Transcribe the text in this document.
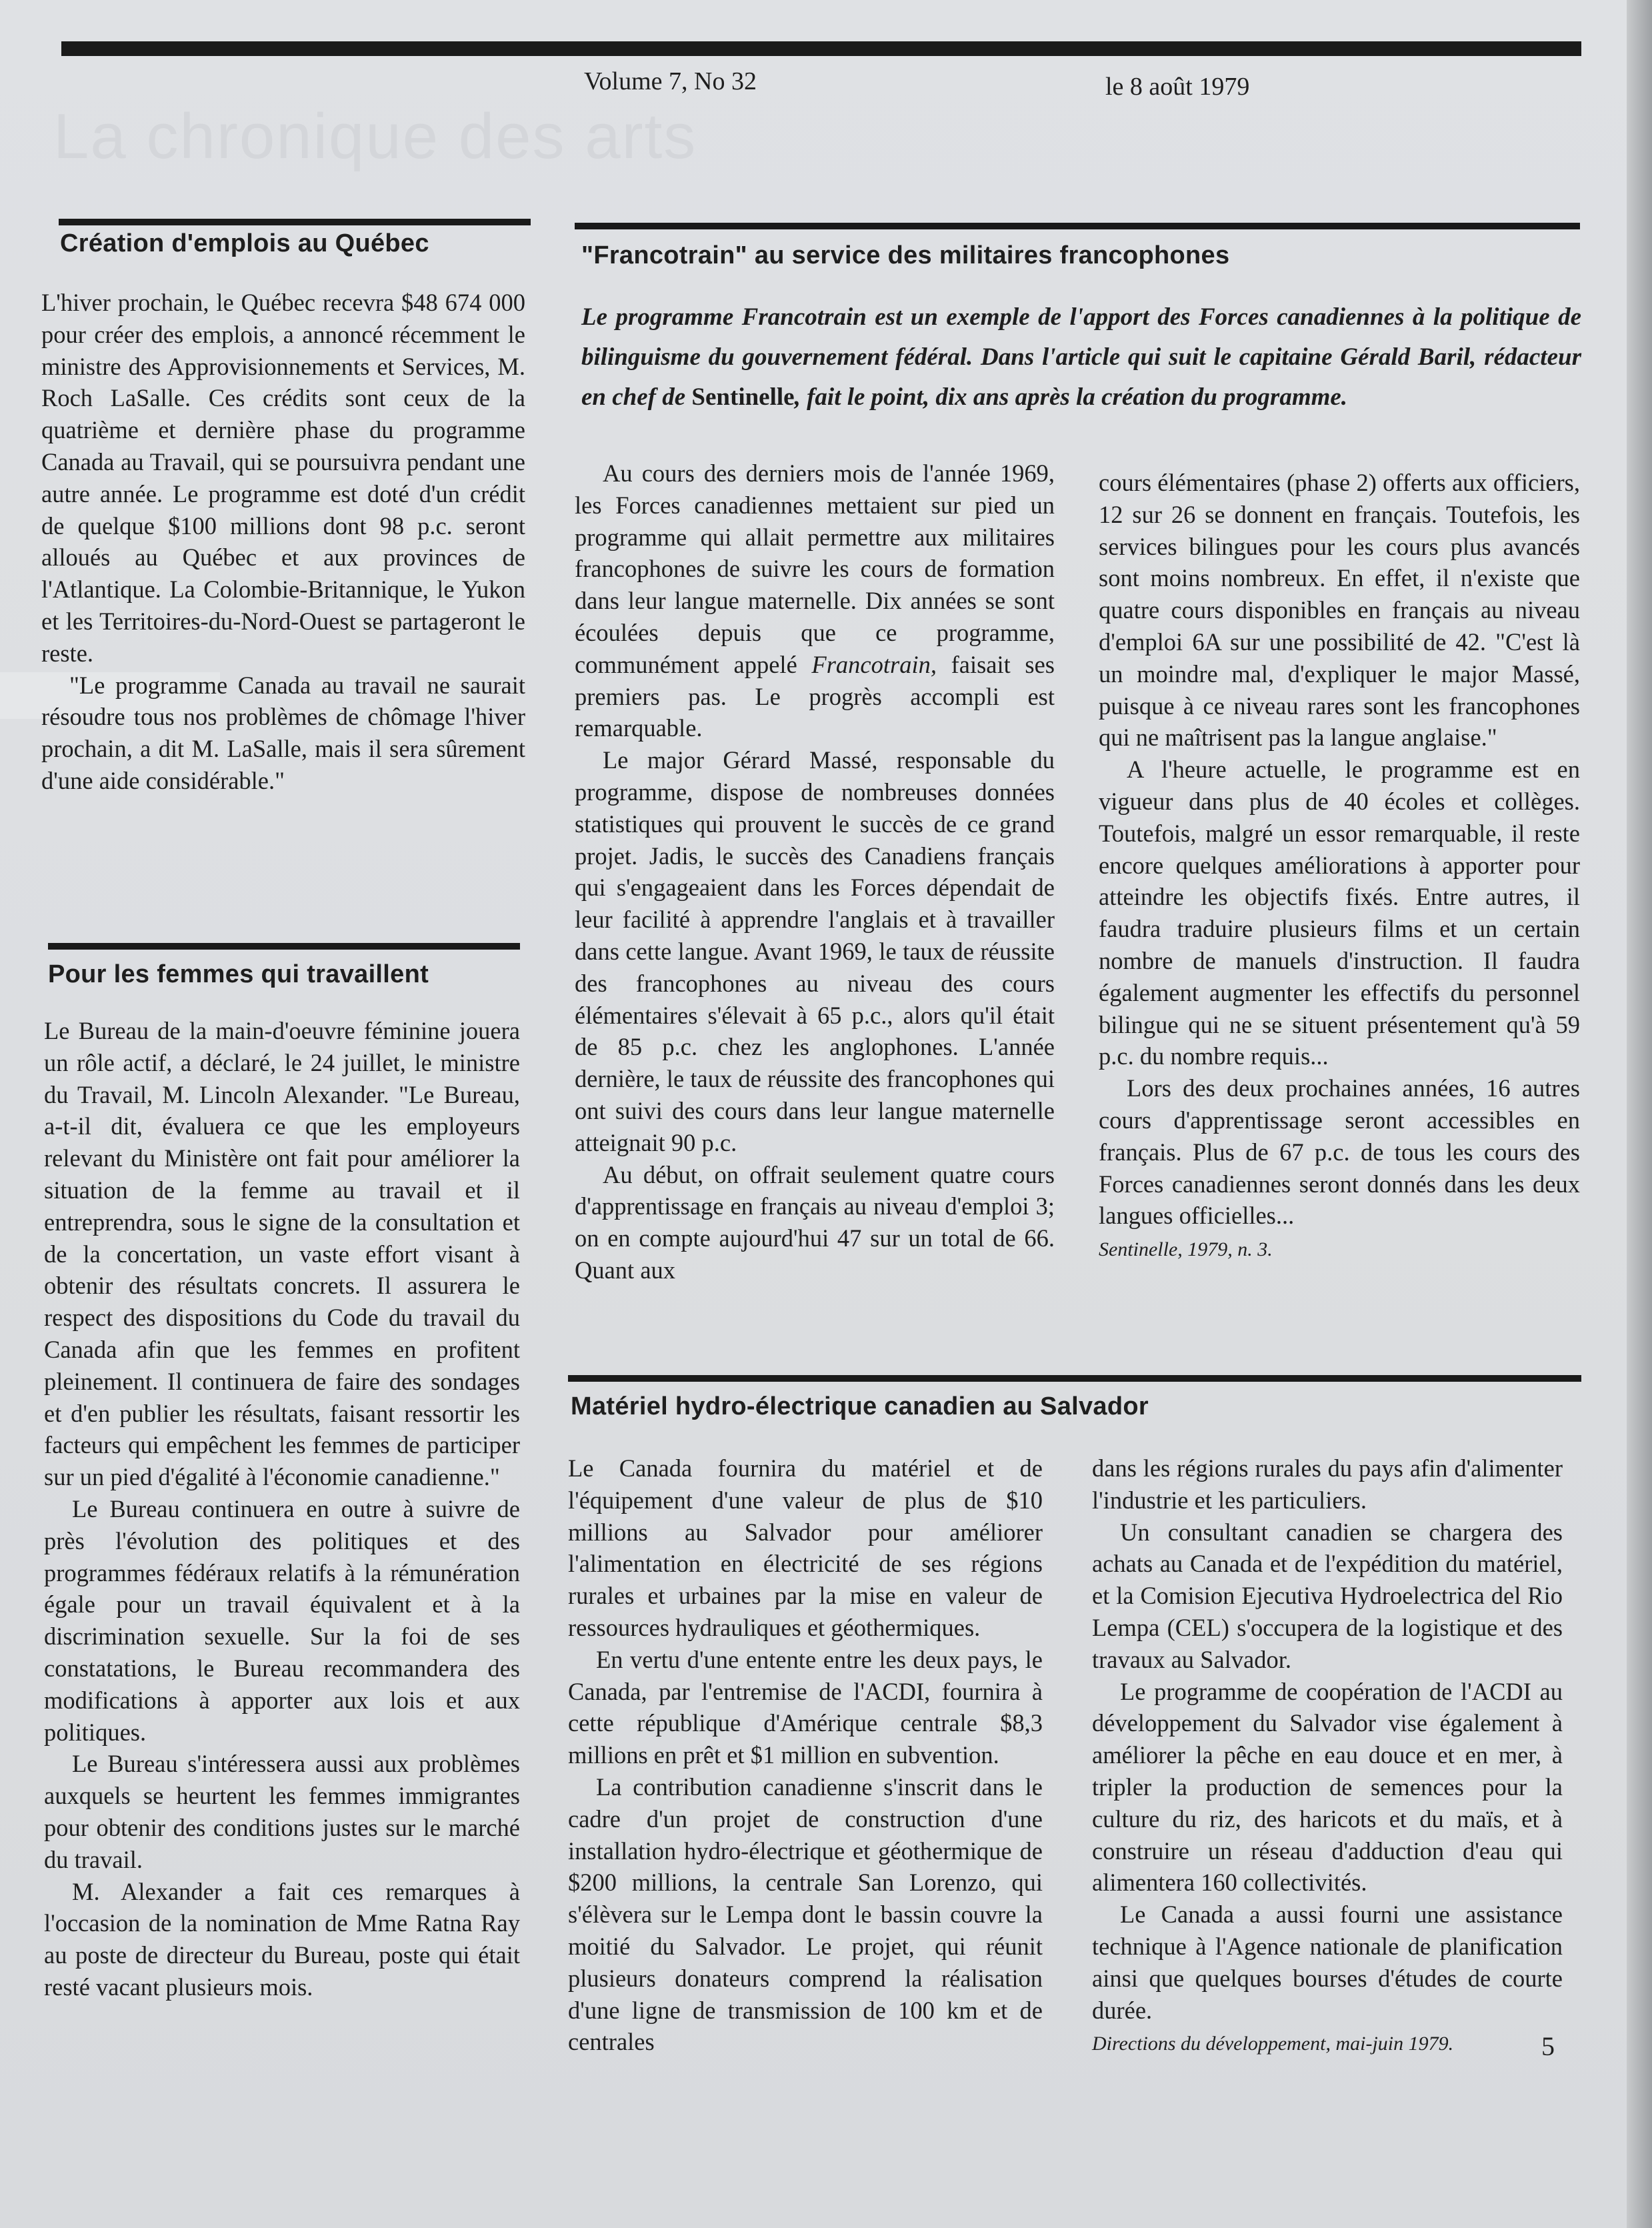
La chronique des arts
Volume 7, No 32	le 8 août 1979
Création d'emplois au Québec

L'hiver prochain, le Québec recevra $48 674 000 pour créer des emplois, a annoncé récemment le ministre des Approvisionnements et Services, M. Roch LaSalle. Ces crédits sont ceux de la quatrième et dernière phase du programme Canada au Travail, qui se poursuivra pendant une autre année. Le programme est doté d'un crédit de quelque $100 millions dont 98 p.c. seront alloués au Québec et aux provinces de l'Atlantique. La Colombie-Britannique, le Yukon et les Territoires-du-Nord-Ouest se partageront le reste.

"Le programme Canada au travail ne saurait résoudre tous nos problèmes de chômage l'hiver prochain, a dit M. LaSalle, mais il sera sûrement d'une aide considérable."

Pour les femmes qui travaillent

Le Bureau de la main-d'oeuvre féminine jouera un rôle actif, a déclaré, le 24 juillet, le ministre du Travail, M. Lincoln Alexander. "Le Bureau, a-t-il dit, évaluera ce que les employeurs relevant du Ministère ont fait pour améliorer la situation de la femme au travail et il entreprendra, sous le signe de la consultation et de la concertation, un vaste effort visant à obtenir des résultats concrets. Il assurera le respect des dispositions du Code du travail du Canada afin que les femmes en profitent pleinement. Il continuera de faire des sondages et d'en publier les résultats, faisant ressortir les facteurs qui empêchent les femmes de participer sur un pied d'égalité à l'économie canadienne."

Le Bureau continuera en outre à suivre de près l'évolution des politiques et des programmes fédéraux relatifs à la rémunération égale pour un travail équivalent et à la discrimination sexuelle. Sur la foi de ses constatations, le Bureau recommandera des modifications à apporter aux lois et aux politiques.

Le Bureau s'intéressera aussi aux problèmes auxquels se heurtent les femmes immigrantes pour obtenir des conditions justes sur le marché du travail.

M. Alexander a fait ces remarques à l'occasion de la nomination de Mme Ratna Ray au poste de directeur du Bureau, poste qui était resté vacant plusieurs mois.

"Francotrain" au service des militaires francophones
Le programme Francotrain est un exemple de l'apport des Forces canadiennes à la politique de bilinguisme du gouvernement fédéral. Dans l'article qui suit le capitaine Gérald Baril, rédacteur en chef de Sentinelle, fait le point, dix ans après la création du programme.

Au cours des derniers mois de l'année 1969, les Forces canadiennes mettaient sur pied un programme qui allait permettre aux militaires francophones de suivre les cours de formation dans leur langue maternelle. Dix années se sont écoulées depuis que ce programme, communément appelé Francotrain, faisait ses premiers pas. Le progrès accompli est remarquable.

Le major Gérard Massé, responsable du programme, dispose de nombreuses données statistiques qui prouvent le succès de ce grand projet. Jadis, le succès des Canadiens français qui s'engageaient dans les Forces dépendait de leur facilité à apprendre l'anglais et à travailler dans cette langue. Avant 1969, le taux de réussite des francophones au niveau des cours élémentaires s'élevait à 65 p.c., alors qu'il était de 85 p.c. chez les anglophones. L'année dernière, le taux de réussite des francophones qui ont suivi des cours dans leur langue maternelle atteignait 90 p.c.

Au début, on offrait seulement quatre cours d'apprentissage en français au niveau d'emploi 3; on en compte aujourd'hui 47 sur un total de 66. Quant aux

cours élémentaires (phase 2) offerts aux officiers, 12 sur 26 se donnent en français. Toutefois, les services bilingues pour les cours plus avancés sont moins nombreux. En effet, il n'existe que quatre cours disponibles en français au niveau d'emploi 6A sur une possibilité de 42. "C'est là un moindre mal, d'expliquer le major Massé, puisque à ce niveau rares sont les francophones qui ne maîtrisent pas la langue anglaise."

A l'heure actuelle, le programme est en vigueur dans plus de 40 écoles et collèges. Toutefois, malgré un essor remarquable, il reste encore quelques améliorations à apporter pour atteindre les objectifs fixés. Entre autres, il faudra traduire plusieurs films et un certain nombre de manuels d'instruction. Il faudra également augmenter les effectifs du personnel bilingue qui ne se situent présentement qu'à 59 p.c. du nombre requis...

Lors des deux prochaines années, 16 autres cours d'apprentissage seront accessibles en français. Plus de 67 p.c. de tous les cours des Forces canadiennes seront donnés dans les deux langues officielles...

Sentinelle, 1979, n. 3.

Matériel hydro-électrique canadien au Salvador

Le Canada fournira du matériel et de l'équipement d'une valeur de plus de $10 millions au Salvador pour améliorer l'alimentation en électricité de ses régions rurales et urbaines par la mise en valeur de ressources hydrauliques et géothermiques.

En vertu d'une entente entre les deux pays, le Canada, par l'entremise de l'ACDI, fournira à cette république d'Amérique centrale $8,3 millions en prêt et $1 million en subvention.

La contribution canadienne s'inscrit dans le cadre d'un projet de construction d'une installation hydro-électrique et géothermique de $200 millions, la centrale San Lorenzo, qui s'élèvera sur le Lempa dont le bassin couvre la moitié du Salvador. Le projet, qui réunit plusieurs donateurs comprend la réalisation d'une ligne de transmission de 100 km et de centrales

dans les régions rurales du pays afin d'alimenter l'industrie et les particuliers.

Un consultant canadien se chargera des achats au Canada et de l'expédition du matériel, et la Comision Ejecutiva Hydroelectrica del Rio Lempa (CEL) s'occupera de la logistique et des travaux au Salvador.

Le programme de coopération de l'ACDI au développement du Salvador vise également à améliorer la pêche en eau douce et en mer, à tripler la production de semences pour la culture du riz, des haricots et du maïs, et à construire un réseau d'adduction d'eau qui alimentera 160 collectivités.

Le Canada a aussi fourni une assistance technique à l'Agence nationale de planification ainsi que quelques bourses d'études de courte durée.

Directions du développement, mai-juin 1979.	5
